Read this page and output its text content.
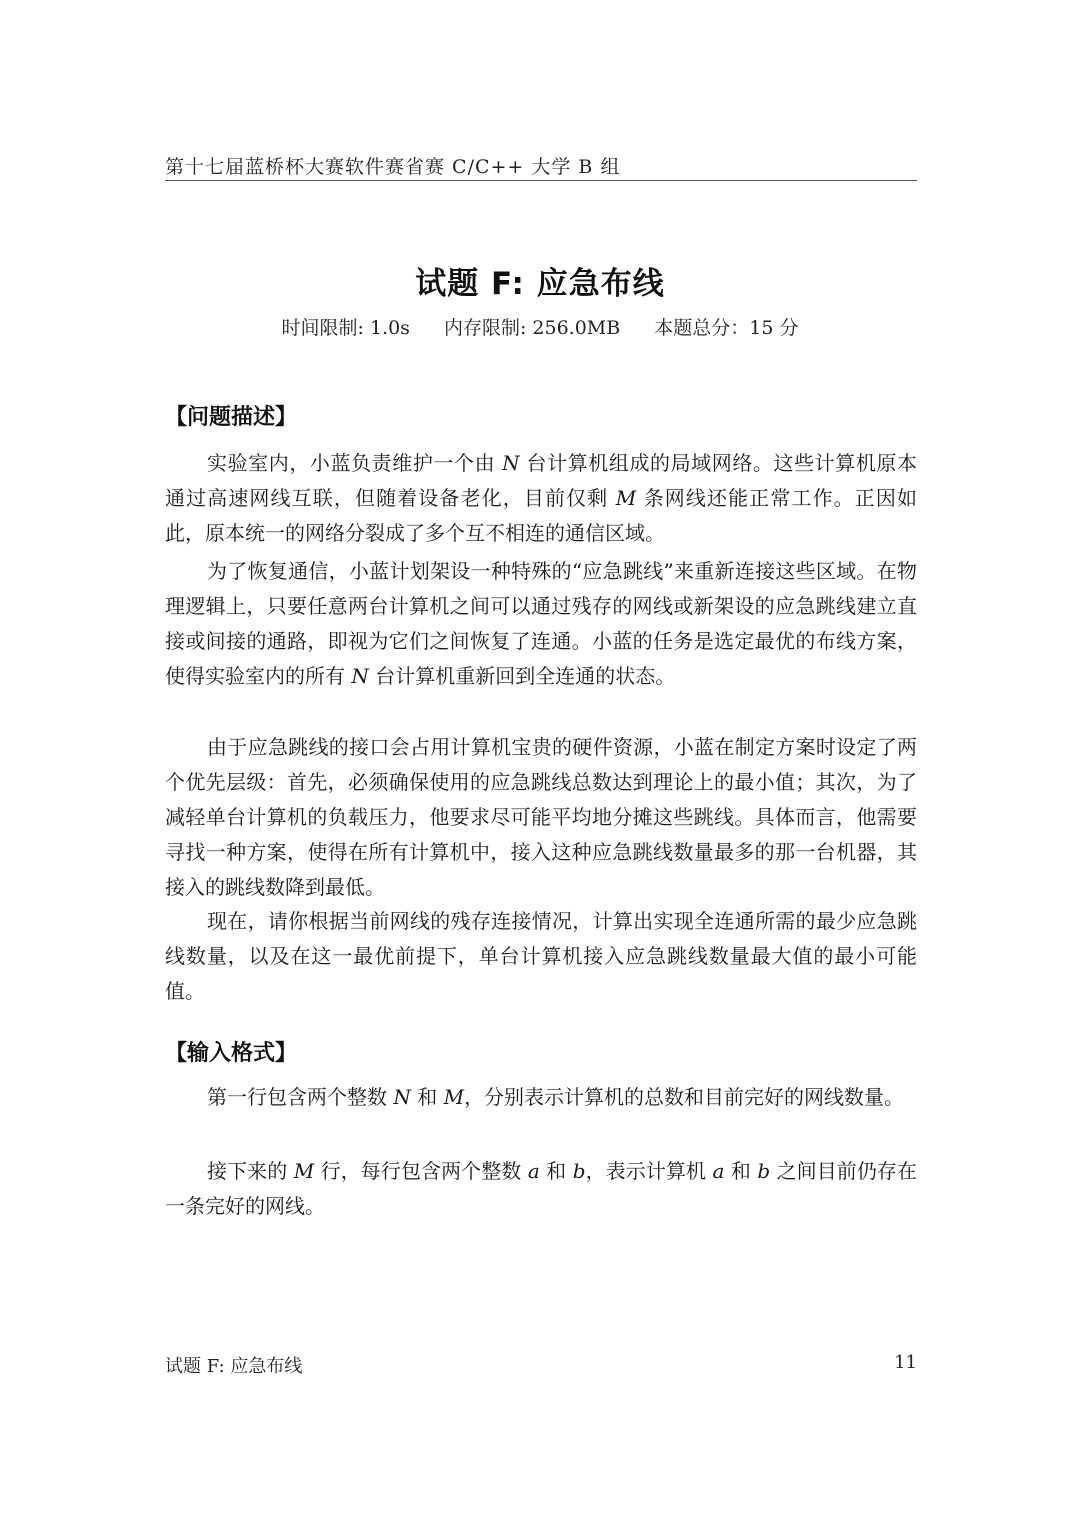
第十七届蓝桥杯大赛软件赛省赛 C/C++ 大学 B 组
试题 F: 应急布线
时间限制: 1.0s 内存限制: 256.0MB 本题总分：15 分
【问题描述】

实验室内，小蓝负责维护一个由 N 台计算机组成的局域网络。这些计算机原本通过高速网线互联，但随着设备老化，目前仅剩 M 条网线还能正常工作。正因如此，原本统一的网络分裂成了多个互不相连的通信区域。

为了恢复通信，小蓝计划架设一种特殊的“应急跳线”来重新连接这些区域。在物理逻辑上，只要任意两台计算机之间可以通过残存的网线或新架设的应急跳线建立直接或间接的通路，即视为它们之间恢复了连通。小蓝的任务是选定最优的布线方案，使得实验室内的所有 N 台计算机重新回到全连通的状态。

由于应急跳线的接口会占用计算机宝贵的硬件资源，小蓝在制定方案时设定了两个优先层级：首先，必须确保使用的应急跳线总数达到理论上的最小值；其次，为了减轻单台计算机的负载压力，他要求尽可能平均地分摊这些跳线。具体而言，他需要寻找一种方案，使得在所有计算机中，接入这种应急跳线数量最多的那一台机器，其接入的跳线数降到最低。

现在，请你根据当前网线的残存连接情况，计算出实现全连通所需的最少应急跳线数量，以及在这一最优前提下，单台计算机接入应急跳线数量最大值的最小可能值。

【输入格式】

第一行包含两个整数 N 和 M，分别表示计算机的总数和目前完好的网线数量。

接下来的 M 行，每行包含两个整数 a 和 b，表示计算机 a 和 b 之间目前仍存在一条完好的网线。

试题 F: 应急布线	11
